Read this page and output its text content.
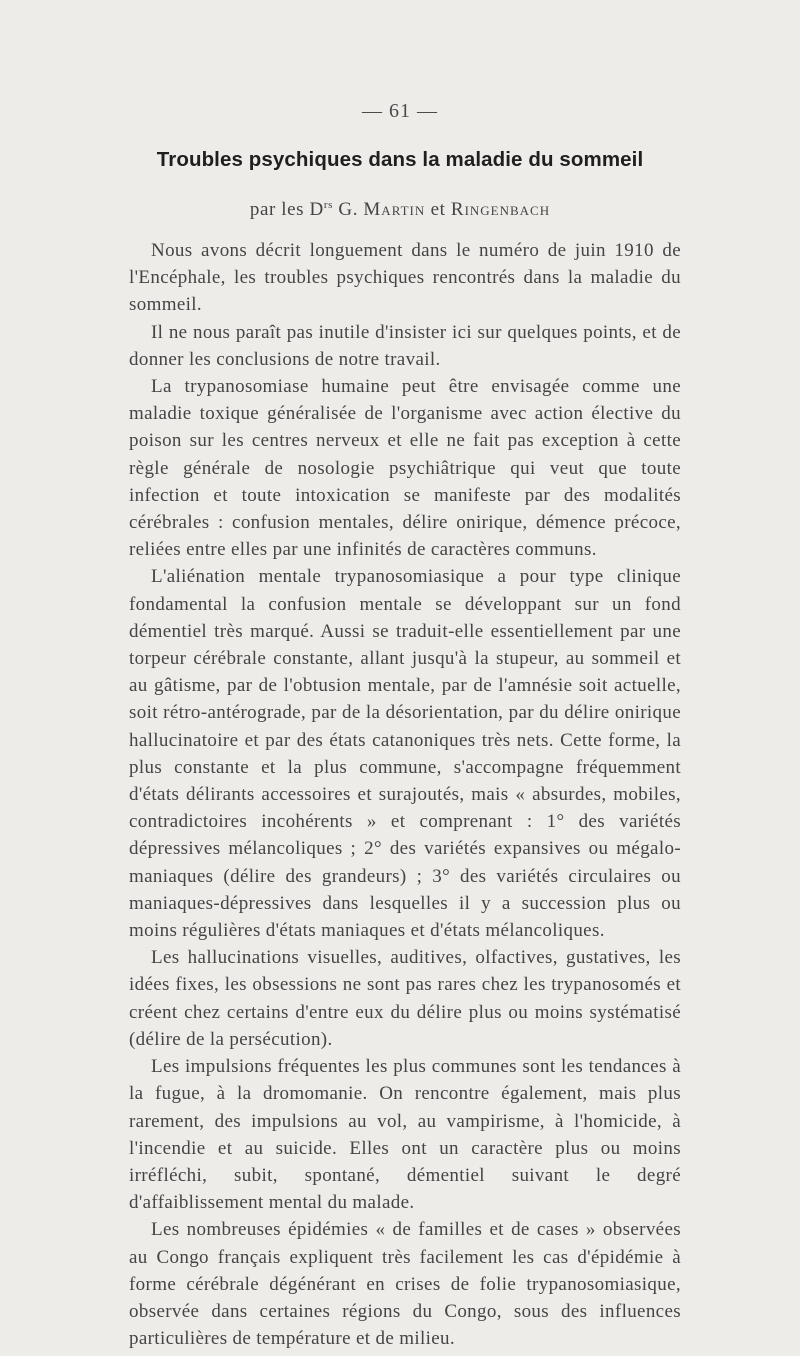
— 61 —
Troubles psychiques dans la maladie du sommeil
par les $D^{rs}$ G. Martin et Ringenbach

Nous avons décrit longuement dans le numéro de juin 1910 de l'Encéphale, les troubles psychiques rencontrés dans la maladie du sommeil.

Il ne nous paraît pas inutile d'insister ici sur quelques points, et de donner les conclusions de notre travail.

La trypanosomiase humaine peut être envisagée comme une maladie toxique généralisée de l'organisme avec action élective du poison sur les centres nerveux et elle ne fait pas exception à cette règle générale de nosologie psychiâtrique qui veut que toute infection et toute intoxication se manifeste par des modalités cérébrales : confusion mentales, délire onirique, démence précoce, reliées entre elles par une infinités de caractères communs.

L'aliénation mentale trypanosomiasique a pour type clinique fondamental la confusion mentale se développant sur un fond démentiel très marqué. Aussi se traduit-elle essentiellement par une torpeur cérébrale constante, allant jusqu'à la stupeur, au sommeil et au gâtisme, par de l'obtusion mentale, par de l'amnésie soit actuelle, soit rétro-antérograde, par de la désorientation, par du délire onirique hallucinatoire et par des états catanoniques très nets. Cette forme, la plus constante et la plus commune, s'accompagne fréquemment d'états délirants accessoires et surajoutés, mais « absurdes, mobiles, contradictoires incohérents » et comprenant : 1° des variétés dépressives mélancoliques ; 2° des variétés expansives ou mégalo-maniaques (délire des grandeurs) ; 3° des variétés circulaires ou maniaques-dépressives dans lesquelles il y a succession plus ou moins régulières d'états maniaques et d'états mélancoliques.

Les hallucinations visuelles, auditives, olfactives, gustatives, les idées fixes, les obsessions ne sont pas rares chez les trypanosomés et créent chez certains d'entre eux du délire plus ou moins systématisé (délire de la persécution).

Les impulsions fréquentes les plus communes sont les tendances à la fugue, à la dromomanie. On rencontre également, mais plus rarement, des impulsions au vol, au vampirisme, à l'homicide, à l'incendie et au suicide. Elles ont un caractère plus ou moins irréfléchi, subit, spontané, démentiel suivant le degré d'affaiblissement mental du malade.

Les nombreuses épidémies « de familles et de cases » observées au Congo français expliquent très facilement les cas d'épidémie à forme cérébrale dégénérant en crises de folie trypanosomiasique, observée dans certaines régions du Congo, sous des influences particulières de température et de milieu.
